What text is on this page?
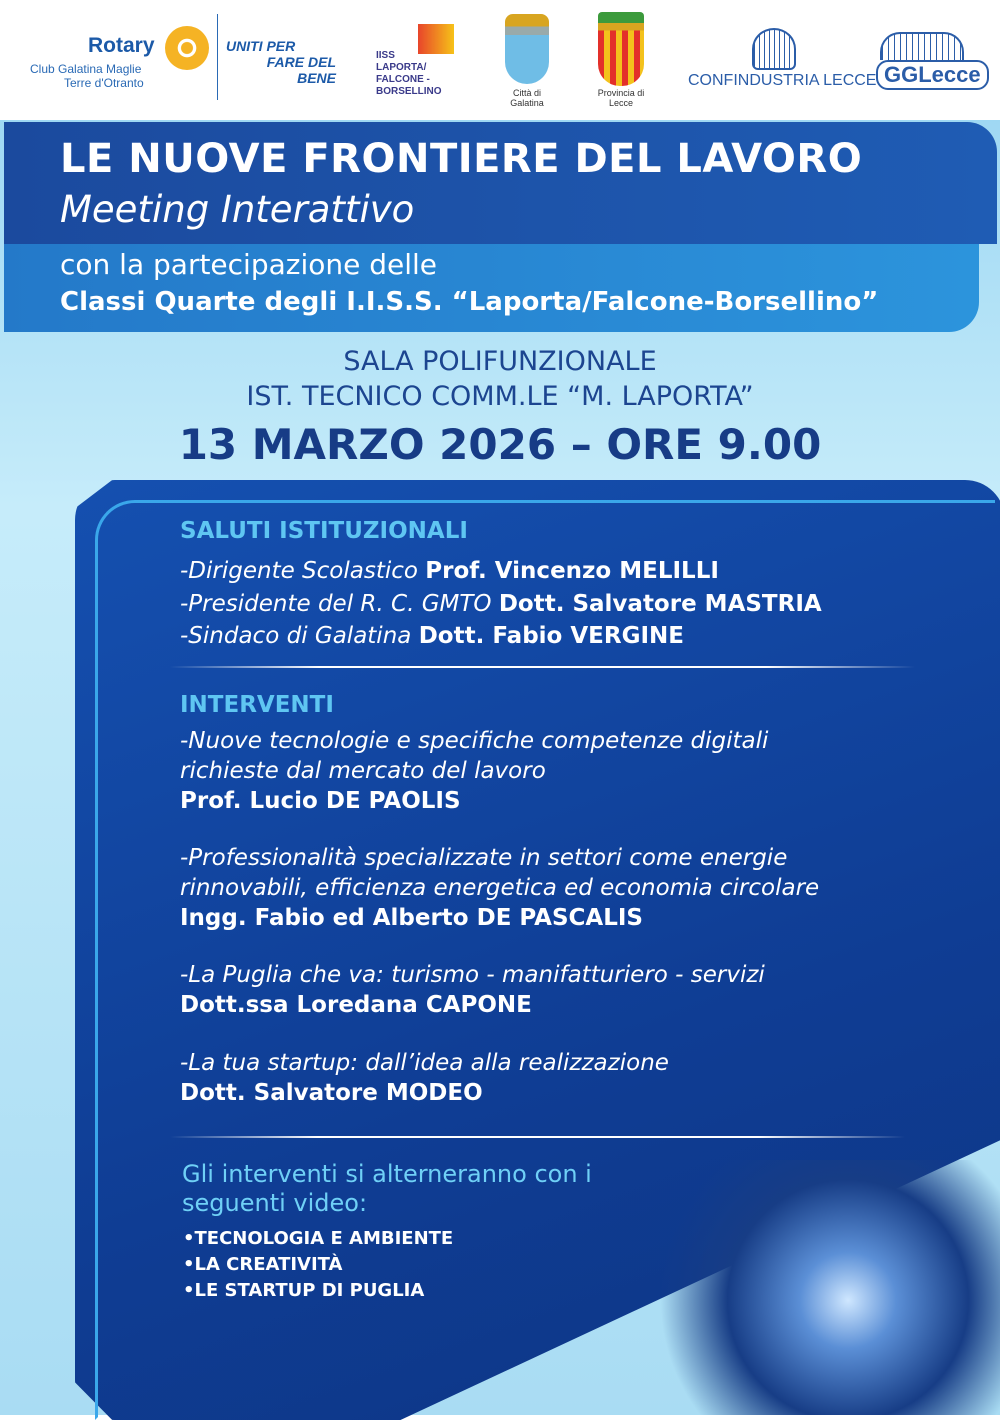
Rotary
Club Galatina Maglie
Terre d'Otranto
UNITI PER
FARE DEL
BENE
IISS
LAPORTA/
FALCONE -
BORSELLINO	Città di
Galatina
Provincia di
Lecce
CONFINDUSTRIA LECCE GGLecce
LE NUOVE FRONTIERE DEL LAVORO
Meeting Interattivo
con la partecipazione delle
Classi Quarte degli I.I.S.S. “Laporta/Falcone-Borsellino”
SALA POLIFUNZIONALE
IST. TECNICO COMM.LE “M. LAPORTA”
13 MARZO 2026 – ORE 9.00
SALUTI ISTITUZIONALI
-Dirigente Scolastico Prof. Vincenzo MELILLI
-Presidente del R. C. GMTO Dott. Salvatore MASTRIA
-Sindaco di Galatina Dott. Fabio VERGINE
INTERVENTI
-Nuove tecnologie e specifiche competenze digitali
richieste dal mercato del lavoro
Prof. Lucio DE PAOLIS
-Professionalità specializzate in settori come energie
rinnovabili, efficienza energetica ed economia circolare
Ingg. Fabio ed Alberto DE PASCALIS
-La Puglia che va: turismo - manifatturiero - servizi
Dott.ssa Loredana CAPONE
-La tua startup: dall’idea alla realizzazione
Dott. Salvatore MODEO
Gli interventi si alterneranno con i
seguenti video:
•TECNOLOGIA E AMBIENTE
•LA CREATIVITÀ
•LE STARTUP DI PUGLIA
